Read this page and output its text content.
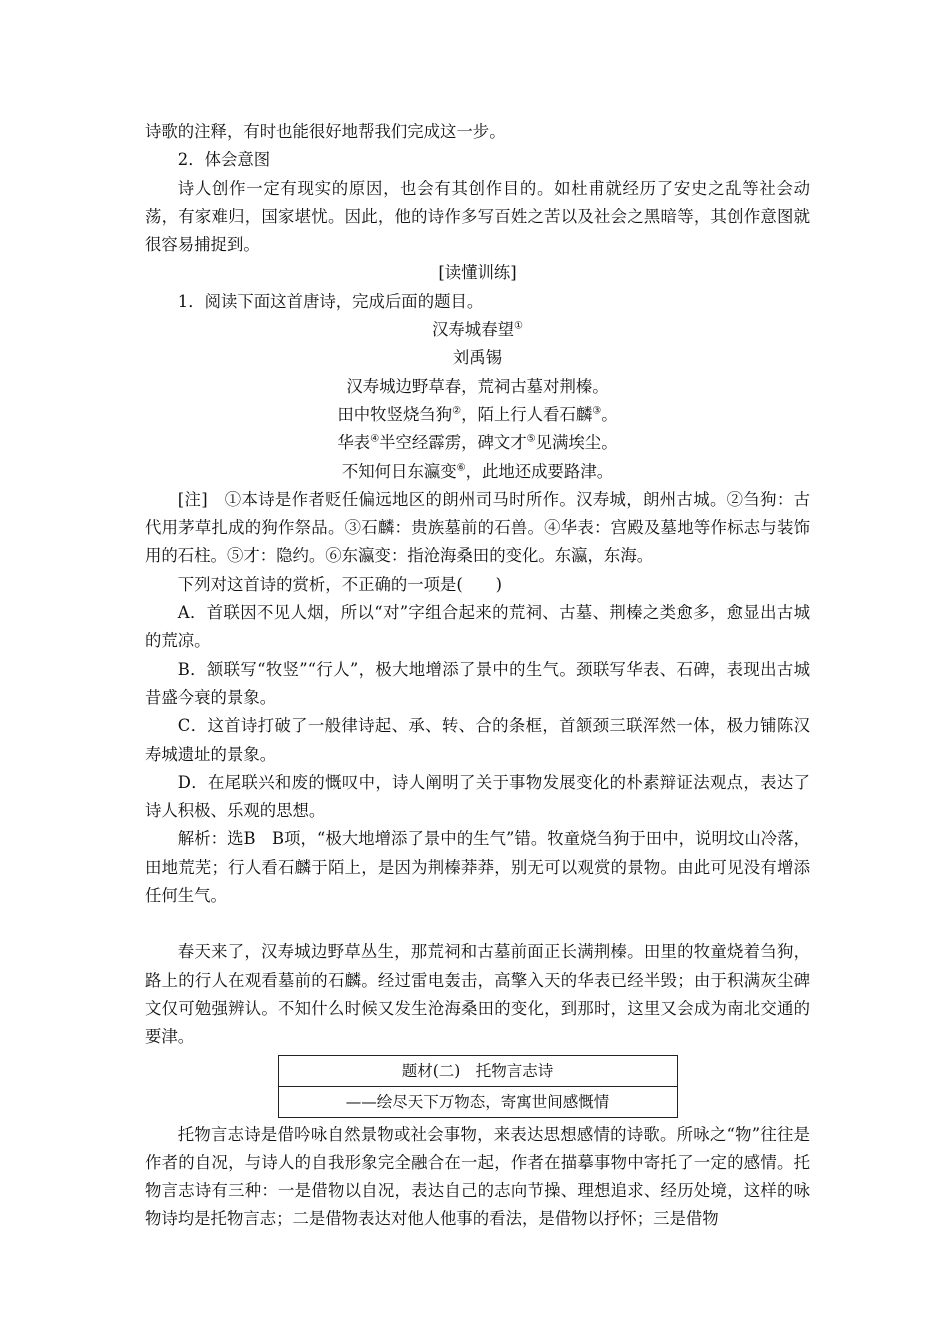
诗歌的注释，有时也能很好地帮我们完成这一步。

2．体会意图

诗人创作一定有现实的原因，也会有其创作目的。如杜甫就经历了安史之乱等社会动荡，有家难归，国家堪忧。因此，他的诗作多写百姓之苦以及社会之黑暗等，其创作意图就很容易捕捉到。

[读懂训练]

1．阅读下面这首唐诗，完成后面的题目。

汉寿城春望①

刘禹锡

汉寿城边野草春，荒祠古墓对荆榛。

田中牧竖烧刍狗②，陌上行人看石麟③。

华表④半空经霹雳，碑文才⑤见满埃尘。

不知何日东瀛变⑥，此地还成要路津。

[注]　①本诗是作者贬任偏远地区的朗州司马时所作。汉寿城，朗州古城。②刍狗：古代用茅草扎成的狗作祭品。③石麟：贵族墓前的石兽。④华表：宫殿及墓地等作标志与装饰用的石柱。⑤才：隐约。⑥东瀛变：指沧海桑田的变化。东瀛，东海。

下列对这首诗的赏析，不正确的一项是(　　)

A．首联因不见人烟，所以“对”字组合起来的荒祠、古墓、荆榛之类愈多，愈显出古城的荒凉。

B．颔联写“牧竖”“行人”，极大地增添了景中的生气。颈联写华表、石碑，表现出古城昔盛今衰的景象。

C．这首诗打破了一般律诗起、承、转、合的条框，首颔颈三联浑然一体，极力铺陈汉寿城遗址的景象。

D．在尾联兴和废的慨叹中，诗人阐明了关于事物发展变化的朴素辩证法观点，表达了诗人积极、乐观的思想。

解析：选B　B项，“极大地增添了景中的生气”错。牧童烧刍狗于田中，说明坟山冷落，田地荒芜；行人看石麟于陌上，是因为荆榛莽莽，别无可以观赏的景物。由此可见没有增添任何生气。

春天来了，汉寿城边野草丛生，那荒祠和古墓前面正长满荆榛。田里的牧童烧着刍狗，路上的行人在观看墓前的石麟。经过雷电轰击，高擎入天的华表已经半毁；由于积满灰尘碑文仅可勉强辨认。不知什么时候又发生沧海桑田的变化，到那时，这里又会成为南北交通的要津。

题材(二)　托物言志诗
——绘尽天下万物态，寄寓世间感慨情

托物言志诗是借吟咏自然景物或社会事物，来表达思想感情的诗歌。所咏之“物”往往是作者的自况，与诗人的自我形象完全融合在一起，作者在描摹事物中寄托了一定的感情。托物言志诗有三种：一是借物以自况，表达自己的志向节操、理想追求、经历处境，这样的咏物诗均是托物言志；二是借物表达对他人他事的看法，是借物以抒怀；三是借物
